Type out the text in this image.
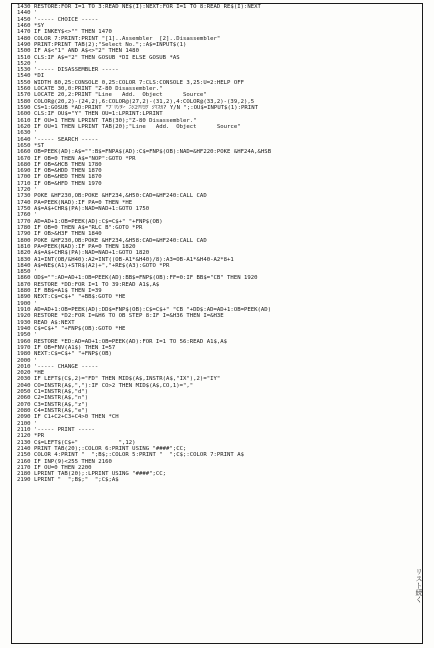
1430 RESTORE:FOR I=1 TO 3:READ NE$(I):NEXT:FOR I=1 TO 8:READ RE$(I):NEXT
1440 '
1450 '----- CHOICE -----
1460 *SY
1470 IF INKEY$<>"" THEN 1470
1480 COLOR 7:PRINT:PRINT "[1]..Assembler  [2]..Disassembler"
1490 PRINT:PRINT TAB(2);"Select No.";:A$=INPUT$(1)
1500 IF A$<"1" AND A$<>"2" THEN 1480
1510 CLS:IF A$="2" THEN GOSUB *DI ELSE GOSUB *AS
1520 '
1530 '----- DISASSEMBLER -----
1540 *DI
1550 WIDTH 80,25:CONSOLE 0,25:COLOR 7:CLS:CONSOLE 3,25:U=2:HELP OFF
1560 LOCATE 30,0:PRINT "Z-80 Disassembler."
1570 LOCATE 20,2:PRINT "Line   Add.  Object      Source"
1580 COLOR@(20,2)-(24,2),6:COLOR@(27,2)-(31,2),4:COLOR@(33,2)-(39,2),5
1590 CS=1:GOSUB *AD:PRINT "ﾌﾟﾘﾝﾀｰ ﾆｼﾕﾂﾘﾖｸ ｼﾏｽｶ? Y/N ";:OU$=INPUT$(1):PRINT
1600 CLS:IF OU$="Y" THEN OU=1:LPRINT:LPRINT
1610 IF OU=1 THEN LPRINT TAB(30);"Z-80 Disassembler."
1620 IF OU=1 THEN LPRINT TAB(20);"Line   Add.  Object      Source"
1630 '
1640 '----- SEARCH -----
1650 *ST
1660 OB=PEEK(AD):A$="":B$=FNPA$(AD):C$=FNP$(OB):NAD=&HF220:POKE &HF24A,&HSB
1670 IF OB=0 THEN A$="NOP":GOTO *PR
1680 IF OB=&HCB THEN 1780
1690 IF OB=&HDD THEN 1870
1700 IF OB=&HED THEN 1870
1710 IF OB=&HFD THEN 1970
1720 '
1730 POKE &HF230,OB:POKE &HF234,&H50:CAD=&HF240:CALL CAD
1740 PA=PEEK(NAD):IF PA=0 THEN *HE
1750 A$=A$+CHR$(PA):NAD=NAD+1:GOTO 1750
1760 '
1770 AD=AD+1:OB=PEEK(AD):C$=C$+" "+FNP$(OB)
1780 IF OB=0 THEN A$="RLC B":GOTO *PR
1790 IF OB>&H3F THEN 1840
1800 POKE &HF230,OB:POKE &HF234,&H58:CAD=&HF240:CALL CAD
1810 PA=PEEK(NAD):IF PA=0 THEN 1820
1820 A$=A$+CHR$(PA):NAD=NAD+1:GOTO 1820
1830 A1=INT(OB/&H40):A2=INT((OB-A1*&H40)/8):A3=OB-A1*&H40-A2*8+1
1840 A$=NE$(A1)+STR$(A2)+","+RE$(A3):GOTO *PR
1850 '
1860 OD$="":AD=AD+1:OB=PEEK(AD):BB$=FNP$(OB):FF=0:IF BB$="CB" THEN 1920
1870 RESTORE *DD:FOR I=1 TO 39:READ A1$,A$
1880 IF BB$=A1$ THEN I=39
1890 NEXT:C$=C$+" "+BB$:GOTO *HE
1900 '
1910 AD=AD+1:OB=PEEK(AD):DD$=FNP$(OB):C$=C$+" "CB "+DD$:AD=AD+1:OB=PEEK(AD)
1920 RESTORE *D2:FOR I=&H6 TO OB STEP 8:IF I=&H36 THEN I=&H3E
1930 READ A$:NEXT
1940 C$=C$+" "+FNP$(OB):GOTO *HE
1950 '
1960 RESTORE *ED:AD=AD+1:OB=PEEK(AD):FOR I=1 TO 56:READ A1$,A$
1970 IF OB=FNV(A1$) THEN I=57
1980 NEXT:C$=C$+" "+FNP$(OB)
2000 '
2010 '----- CHANGE -----
2020 *HE
2030 IF LEFT$(C$,2)="FD" THEN MID$(A$,INSTR(A$,"IX"),2)="IY"
2040 CO=INSTR(A$,","):IF CO>2 THEN MID$(A$,CO,1)=","
2050 C1=INSTR(A$,"d")
2060 C2=INSTR(A$,"n")
2070 C3=INSTR(A$,"z")
2080 C4=INSTR(A$,"e")
2090 IF C1+C2+C3+C4>0 THEN *CH
2100 '
2110 '----- PRINT -----
2120 *PR
2130 C$=LEFT$(C$+"            ",12)
2140 PRINT TAB(20);:COLOR 6:PRINT USING "####";CC;
2150 COLOR 4:PRINT "  ";B$;:COLOR 5:PRINT "  ";C$;:COLOR 7:PRINT A$
2160 IF INP(9)<255 THEN 2160
2170 IF OU=0 THEN 2200
2180 LPRINT TAB(20);:LPRINT USING "####";CC;
2190 LPRINT "  ";B$;"  ";C$;A$
リスト続く
